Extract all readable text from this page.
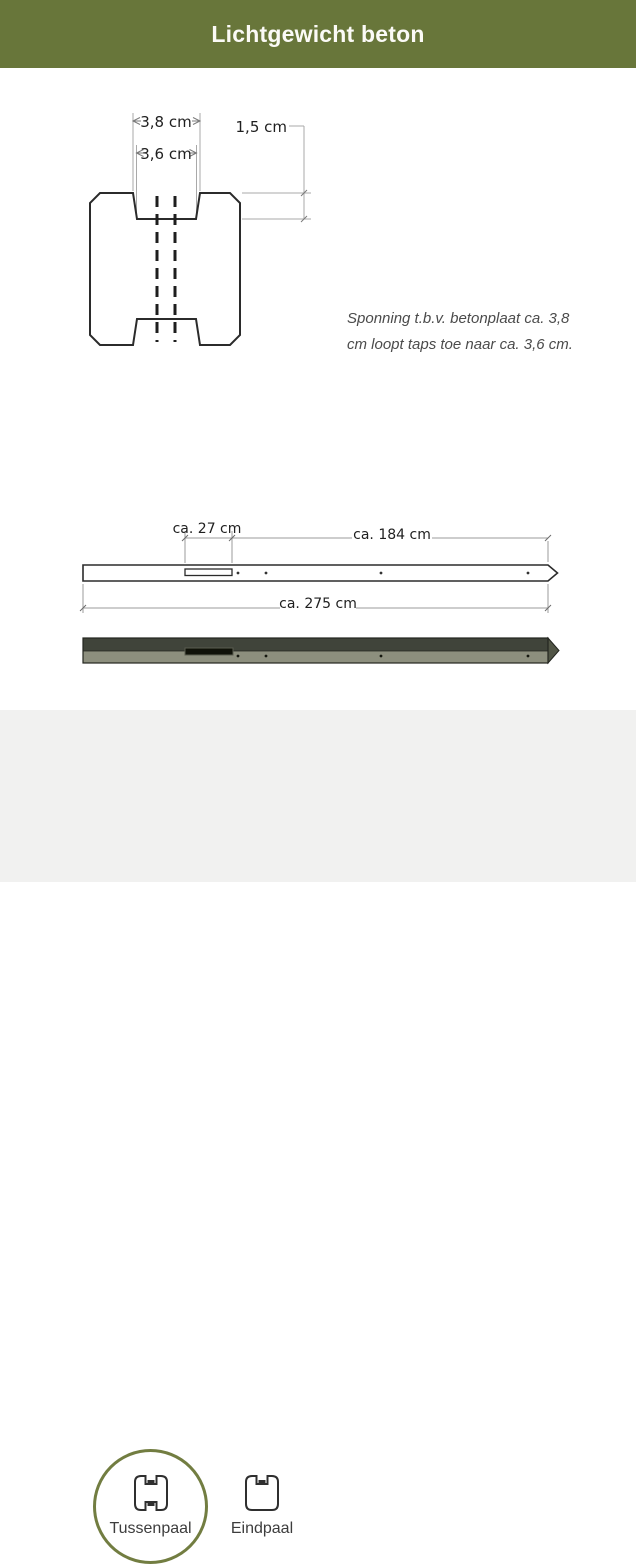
Lichtgewicht beton
3,8 cm
3,6 cm
1,5 cm
ca. 27 cm	ca. 184 cm
ca. 275 cm
Sponning t.b.v. betonplaat ca. 3,8
cm loopt taps toe naar ca. 3,6 cm.
Tussenpaal Eindpaal
